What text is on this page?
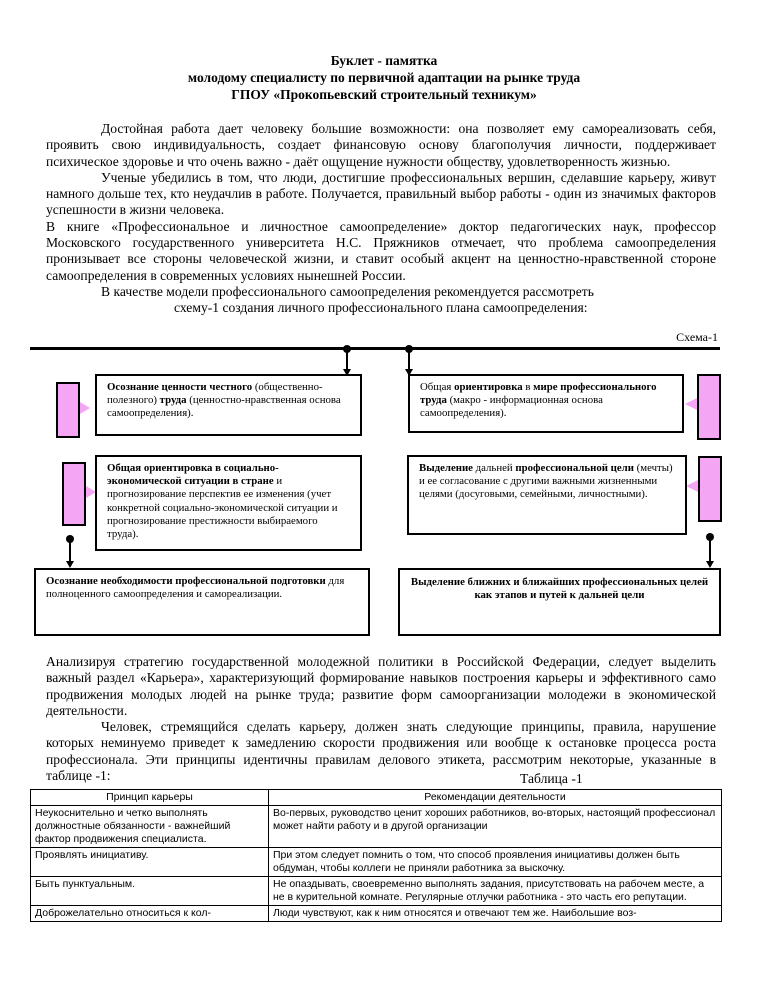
Буклет - памятка
молодому специалисту по первичной адаптации на рынке труда
ГПОУ «Прокопьевский строительный техникум»

Достойная работа дает человеку большие возможности: она позволяет ему самореализовать себя, проявить свою индивидуальность, создает финансовую основу благополучия личности, поддерживает психическое здоровье и что очень важно - даёт ощущение нужности обществу, удовлетворенность жизнью.

Ученые убедились в том, что люди, достигшие профессиональных вершин, сделавшие карьеру, живут намного дольше тех, кто неудачлив в работе. Получается, правильный выбор работы - один из значимых факторов успешности в жизни человека.

В книге «Профессиональное и личностное самоопределение» доктор педагогических наук, профессор Московского государственного университета Н.С. Пряжников отмечает, что проблема самоопределения пронизывает все стороны человеческой жизни, и ставит особый акцент на ценностно-нравственной стороне самоопределения в современных условиях нынешней России.

В качестве модели профессионального самоопределения рекомендуется рассмотреть

схему-1 создания личного профессионального плана самоопределения:

Схема-1
Осознание ценности честного (общественно-полезного) труда (ценностно-нравственная основа самоопределения).
Общая ориентировка в мире профессионального труда (макро - информационная основа самоопределения).
Общая ориентировка в социально-экономической ситуации в стране и прогнозирование перспектив ее изменения (учет конкретной социально-экономической ситуации и прогнозирование престижности выбираемого труда).
Выделение дальней профессиональной цели (мечты) и ее согласование с другими важными жизненными целями (досуговыми, семейными, личностными).
Осознание необходимости профессиональной подготовки для полноценного самоопределения и самореализации.
Выделение ближних и ближайших профессиональных целей как этапов и путей к дальней цели

Анализируя стратегию государственной молодежной политики в Российской Федерации, следует выделить важный раздел «Карьера», характеризующий формирование навыков построения карьеры и эффективного само продвижения молодых людей на рынке труда; развитие форм самоорганизации молодежи в экономической деятельности.

Человек, стремящийся сделать карьеру, должен знать следующие принципы, правила, нарушение которых неминуемо приведет к замедлению скорости продвижения или вообще к остановке процесса роста профессионала. Эти принципы идентичны правилам делового этикета, рассмотрим некоторые, указанные в таблице -1:	Таблица -1
Принцип карьеры	Рекомендации деятельности
Неукоснительно и четко выполнять должностные обязанности - важнейший фактор продвижения специалиста.	Во-первых, руководство ценит хороших работников, во-вторых, настоящий профессионал может найти работу и в другой организации
Проявлять инициативу.	При этом следует помнить о том, что способ проявления инициативы должен быть обдуман, чтобы коллеги не приняли работника за выскочку.
Быть пунктуальным.	Не опаздывать, своевременно выполнять задания, присутствовать на рабочем месте, а не в курительной комнате. Регулярные отлучки работника - это часть его репутации.
Доброжелательно относиться к кол-	Люди чувствуют, как к ним относятся и отвечают тем же. Наибольшие воз-
